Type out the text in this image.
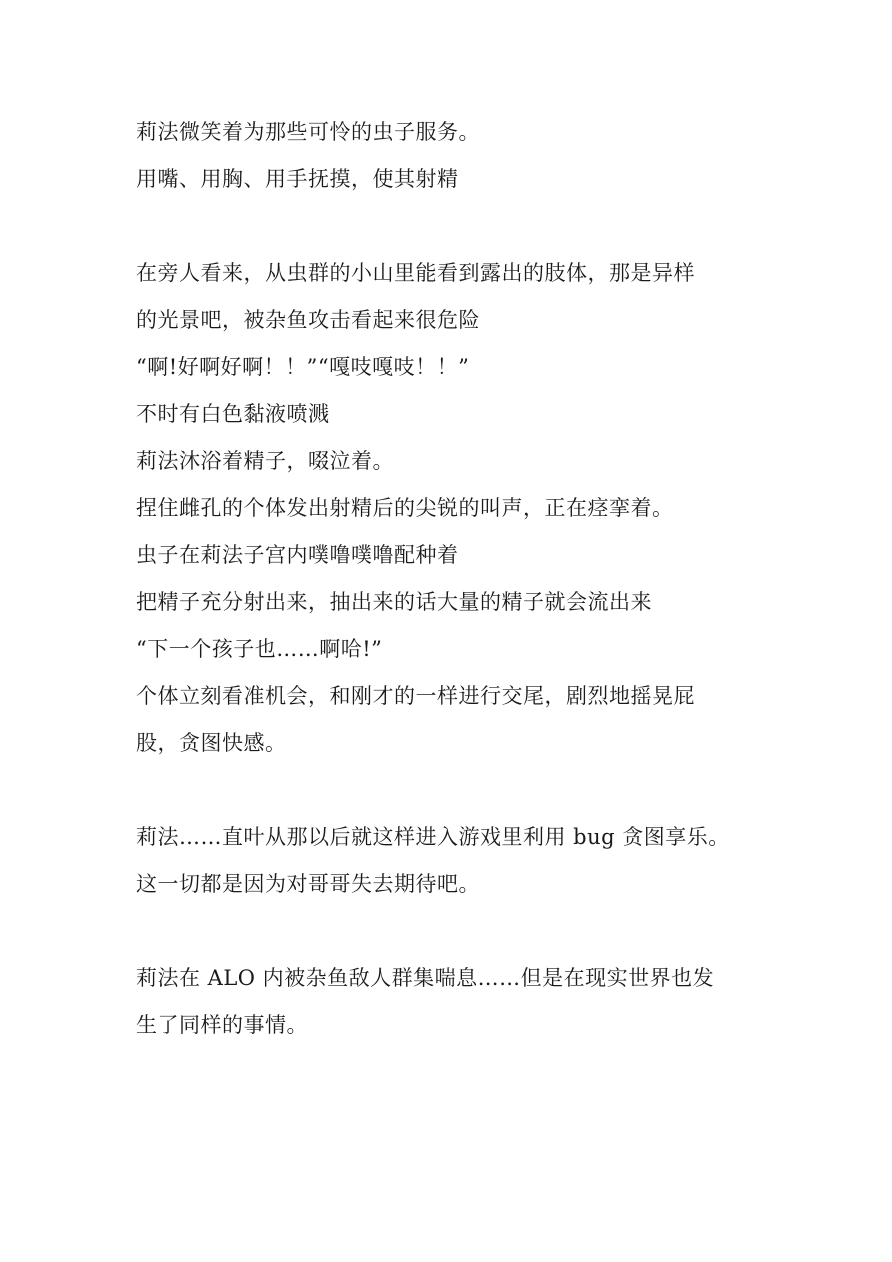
莉法微笑着为那些可怜的虫子服务。
用嘴、用胸、用手抚摸，使其射精
在旁人看来，从虫群的小山里能看到露出的肢体，那是异样
的光景吧，被杂鱼攻击看起来很危险
“啊!好啊好啊！！”“嘎吱嘎吱！！”
不时有白色黏液喷溅
莉法沐浴着精子，啜泣着。
捏住雌孔的个体发出射精后的尖锐的叫声，正在痉挛着。
虫子在莉法子宫内噗噜噗噜配种着
把精子充分射出来，抽出来的话大量的精子就会流出来
“下一个孩子也……啊哈!”
个体立刻看准机会，和刚才的一样进行交尾，剧烈地摇晃屁
股，贪图快感。
莉法……直叶从那以后就这样进入游戏里利用 bug 贪图享乐。
这一切都是因为对哥哥失去期待吧。
莉法在 ALO 内被杂鱼敌人群集喘息……但是在现实世界也发
生了同样的事情。
